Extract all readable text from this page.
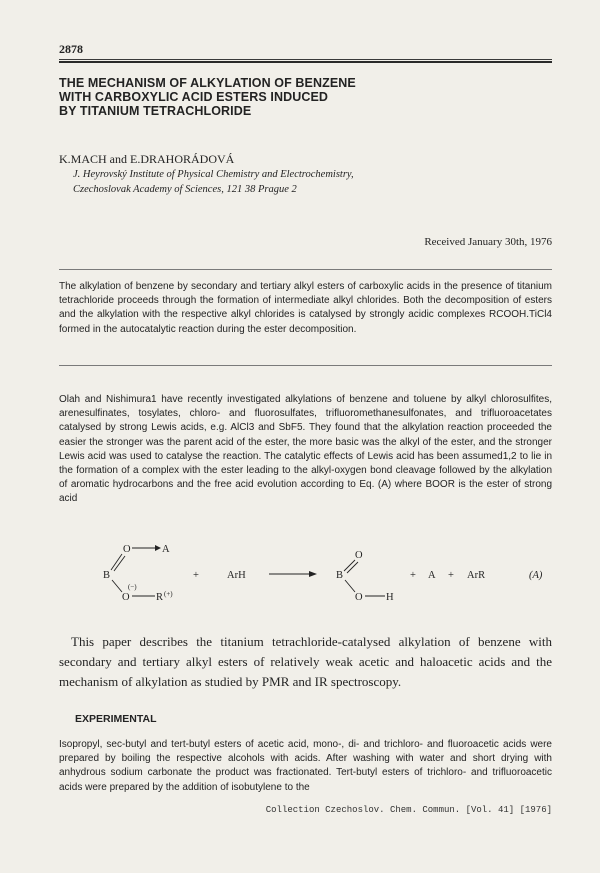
2878
THE MECHANISM OF ALKYLATION OF BENZENE
WITH CARBOXYLIC ACID ESTERS INDUCED
BY TITANIUM TETRACHLORIDE
K.MACH and E.DRAHORÁDOVÁ
J. Heyrovský Institute of Physical Chemistry and Electrochemistry,
Czechoslovak Academy of Sciences, 121 38 Prague 2
Received January 30th, 1976
The alkylation of benzene by secondary and tertiary alkyl esters of carboxylic acids in the presence of titanium tetrachloride proceeds through the formation of intermediate alkyl chlorides. Both the decomposition of esters and the alkylation with the respective alkyl chlorides is catalysed by strongly acidic complexes RCOOH.TiCl4 formed in the autocatalytic reaction during the ester decomposition.
Olah and Nishimura1 have recently investigated alkylations of benzene and toluene by alkyl chlorosulfites, arenesulfinates, tosylates, chloro- and fluorosulfates, trifluoromethanesulfonates, and trifluoroacetates catalysed by strong Lewis acids, e.g. AlCl3 and SbF5. They found that the alkylation reaction proceeded the easier the stronger was the parent acid of the ester, the more basic was the alkyl of the ester, and the stronger Lewis acid was used to catalyse the reaction. The catalytic effects of Lewis acid has been assumed1,2 to lie in the formation of a complex with the ester leading to the alkyl-oxygen bond cleavage followed by the alkylation of aromatic hydrocarbons and the free acid evolution according to Eq. (A) where BOOR is the ester of strong acid
O	A
B
O
(−)
R (+)
+	ArH
O
B
O H
+ A + ArR	(A)
This paper describes the titanium tetrachloride-catalysed alkylation of benzene with secondary and tertiary alkyl esters of relatively weak acetic and haloacetic acids and the mechanism of alkylation as studied by PMR and IR spectroscopy.
EXPERIMENTAL
Isopropyl, sec-butyl and tert-butyl esters of acetic acid, mono-, di- and trichloro- and fluoroacetic acids were prepared by boiling the respective alcohols with acids. After washing with water and short drying with anhydrous sodium carbonate the product was fractionated. Tert-butyl esters of trichloro- and trifluoroacetic acids were prepared by the addition of isobutylene to the
Collection Czechoslov. Chem. Commun. [Vol. 41] [1976]
